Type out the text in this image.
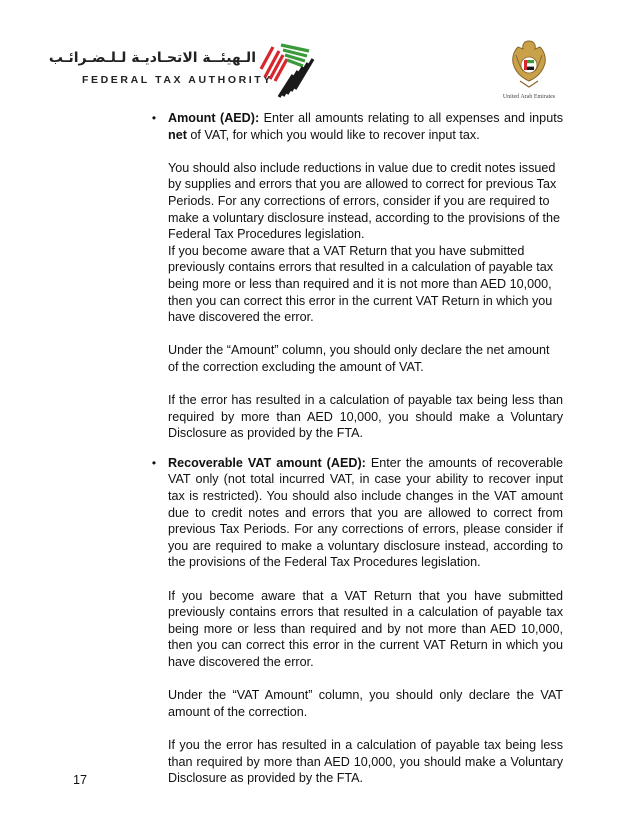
الـهيئــة الاتحـاديـة لـلـضـرائـب
FEDERAL TAX AUTHORITY
United Arab Emirates
• Amount (AED): Enter all amounts relating to all expenses and inputs net of VAT, for which you would like to recover input tax.

You should also include reductions in value due to credit notes issued by supplies and errors that you are allowed to correct for previous Tax Periods. For any corrections of errors, consider if you are required to make a voluntary disclosure instead, according to the provisions of the Federal Tax Procedures legislation.

If you become aware that a VAT Return that you have submitted previously contains errors that resulted in a calculation of payable tax being more or less than required and it is not more than AED 10,000, then you can correct this error in the current VAT Return in which you have discovered the error.

Under the “Amount” column, you should only declare the net amount of the correction excluding the amount of VAT.

If the error has resulted in a calculation of payable tax being less than required by more than AED 10,000, you should make a Voluntary Disclosure as provided by the FTA.

• Recoverable VAT amount (AED): Enter the amounts of recoverable VAT only (not total incurred VAT, in case your ability to recover input tax is restricted). You should also include changes in the VAT amount due to credit notes and errors that you are allowed to correct from previous Tax Periods. For any corrections of errors, please consider if you are required to make a voluntary disclosure instead, according to the provisions of the Federal Tax Procedures legislation.

If you become aware that a VAT Return that you have submitted previously contains errors that resulted in a calculation of payable tax being more or less than required and by not more than AED 10,000, then you can correct this error in the current VAT Return in which you have discovered the error.

Under the “VAT Amount” column, you should only declare the VAT amount of the correction.

If you the error has resulted in a calculation of payable tax being less than required by more than AED 10,000, you should make a Voluntary Disclosure as provided by the FTA.

17
